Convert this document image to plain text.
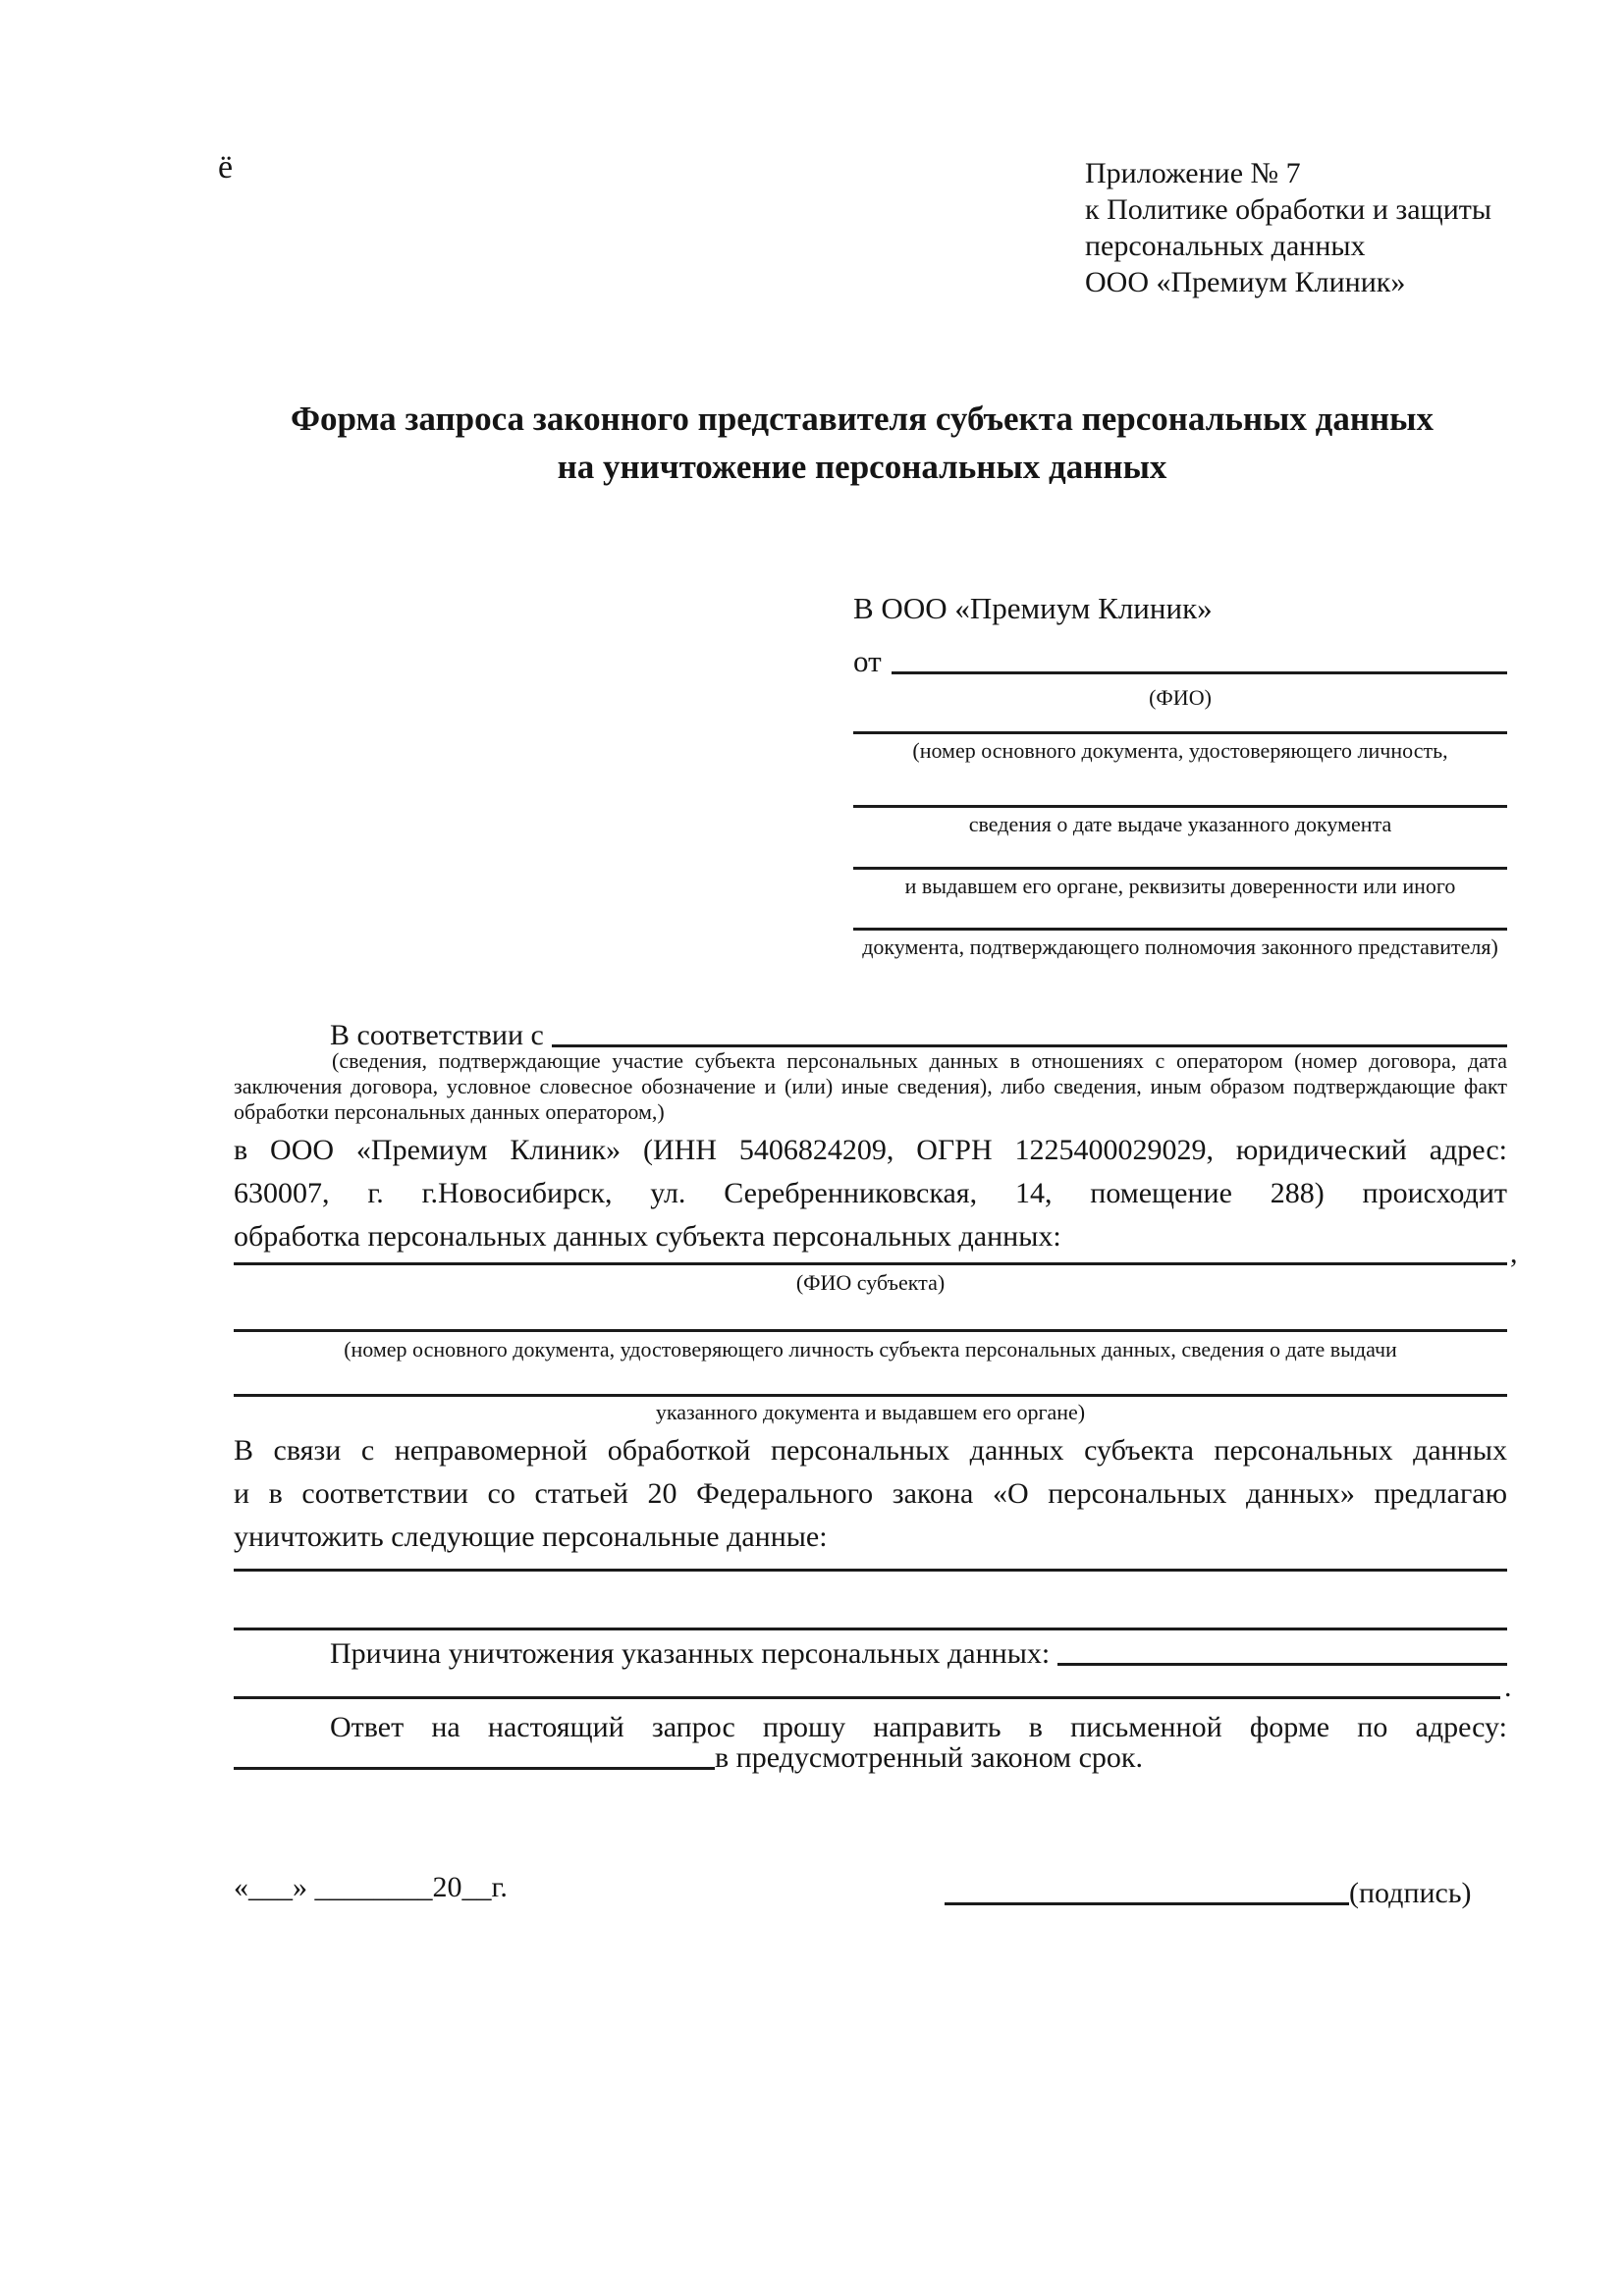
ё	Приложение № 7
к Политике обработки и защиты
персональных данных
ООО «Премиум Клиник»
Форма запроса законного представителя субъекта персональных данных
на уничтожение персональных данных
В ООО «Премиум Клиник»
от
(ФИО)
(номер основного документа, удостоверяющего личность,
сведения о дате выдаче указанного документа
и выдавшем его органе, реквизиты доверенности или иного
документа, подтверждающего полномочия законного представителя)
В соответствии с
(сведения, подтверждающие участие субъекта персональных данных в отношениях с оператором (номер договора, дата заключения договора, условное словесное обозначение и (или) иные сведения), либо сведения, иным образом подтверждающие факт обработки персональных данных оператором,)
в ООО «Премиум Клиник» (ИНН 5406824209, ОГРН 1225400029029, юридический адрес:
630007, г. г.Новосибирск, ул. Серебренниковская, 14, помещение 288) происходит
обработка персональных данных субъекта персональных данных:
,
(ФИО субъекта)
(номер основного документа, удостоверяющего личность субъекта персональных данных, сведения о дате выдачи
указанного документа и выдавшем его органе)
В связи с неправомерной обработкой персональных данных субъекта персональных данных
и в соответствии со статьей 20 Федерального закона «О персональных данных» предлагаю
уничтожить следующие персональные данные:
Причина уничтожения указанных персональных данных:
.
Ответ на настоящий запрос прошу направить в письменной форме по адресу:
в предусмотренный законом срок.
«___» ________20__г.	(подпись)
